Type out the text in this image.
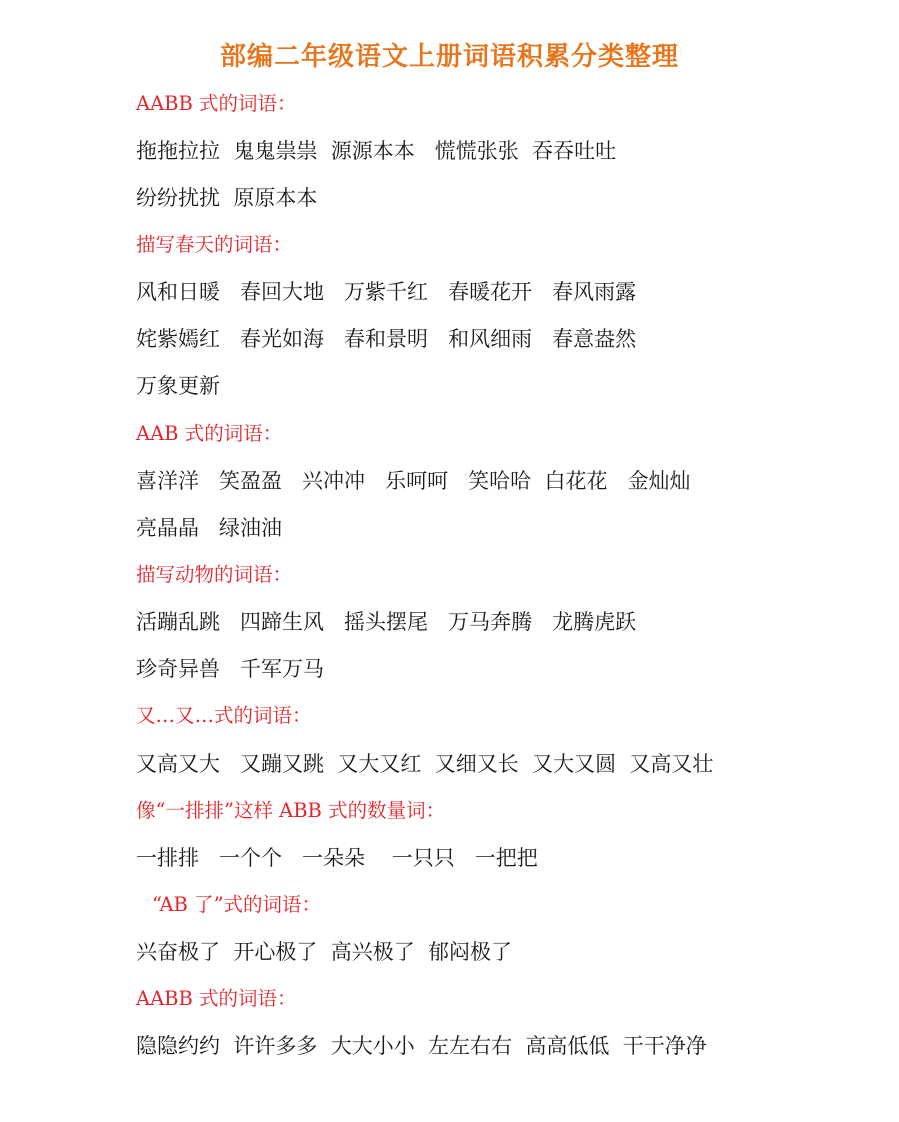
部编二年级语文上册词语积累分类整理
AABB 式的词语：
拖拖拉拉  鬼鬼祟祟  源源本本   慌慌张张  吞吞吐吐
纷纷扰扰  原原本本
描写春天的词语：
风和日暖   春回大地   万紫千红   春暖花开   春风雨露
姹紫嫣红   春光如海   春和景明   和风细雨   春意盎然
万象更新
AAB 式的词语：
喜洋洋   笑盈盈   兴冲冲   乐呵呵   笑哈哈  白花花   金灿灿
亮晶晶   绿油油
描写动物的词语：
活蹦乱跳   四蹄生风   摇头摆尾   万马奔腾   龙腾虎跃
珍奇异兽   千军万马
又…又…式的词语：
又高又大   又蹦又跳  又大又红  又细又长  又大又圆  又高又壮
像“一排排”这样 ABB 式的数量词：
一排排   一个个   一朵朵    一只只   一把把
“AB 了”式的词语：
兴奋极了  开心极了  高兴极了  郁闷极了
AABB 式的词语：
隐隐约约  许许多多  大大小小  左左右右  高高低低  干干净净
